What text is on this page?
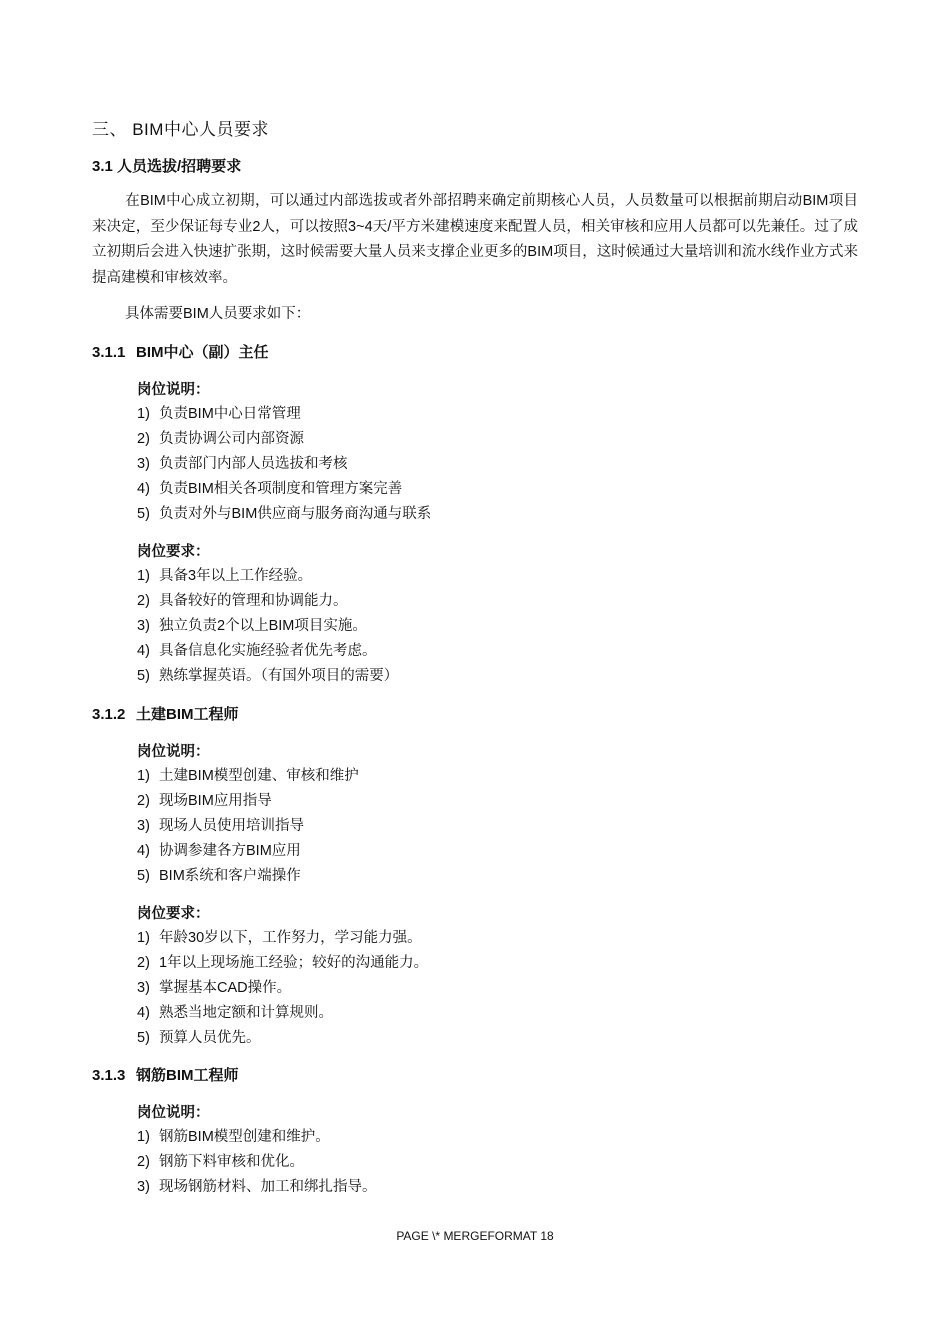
三、 BIM中心人员要求
3.1 人员选拔/招聘要求
在BIM中心成立初期，可以通过内部选拔或者外部招聘来确定前期核心人员，人员数量可以根据前期启动BIM项目来决定，至少保证每专业2人，可以按照3~4天/平方米建模速度来配置人员，相关审核和应用人员都可以先兼任。过了成立初期后会进入快速扩张期，这时候需要大量人员来支撑企业更多的BIM项目，这时候通过大量培训和流水线作业方式来提高建模和审核效率。
具体需要BIM人员要求如下：
3.1.1 BIM中心（副）主任
岗位说明：
1) 负责BIM中心日常管理
2) 负责协调公司内部资源
3) 负责部门内部人员选拔和考核
4) 负责BIM相关各项制度和管理方案完善
5) 负责对外与BIM供应商与服务商沟通与联系
岗位要求：
1) 具备3年以上工作经验。
2) 具备较好的管理和协调能力。
3) 独立负责2个以上BIM项目实施。
4) 具备信息化实施经验者优先考虑。
5) 熟练掌握英语。（有国外项目的需要）
3.1.2 土建BIM工程师
岗位说明：
1) 土建BIM模型创建、审核和维护
2) 现场BIM应用指导
3) 现场人员使用培训指导
4) 协调参建各方BIM应用
5) BIM系统和客户端操作
岗位要求：
1) 年龄30岁以下，工作努力，学习能力强。
2) 1年以上现场施工经验；较好的沟通能力。
3) 掌握基本CAD操作。
4) 熟悉当地定额和计算规则。
5) 预算人员优先。
3.1.3 钢筋BIM工程师
岗位说明：
1) 钢筋BIM模型创建和维护。
2) 钢筋下料审核和优化。
3) 现场钢筋材料、加工和绑扎指导。
PAGE \* MERGEFORMAT 18
